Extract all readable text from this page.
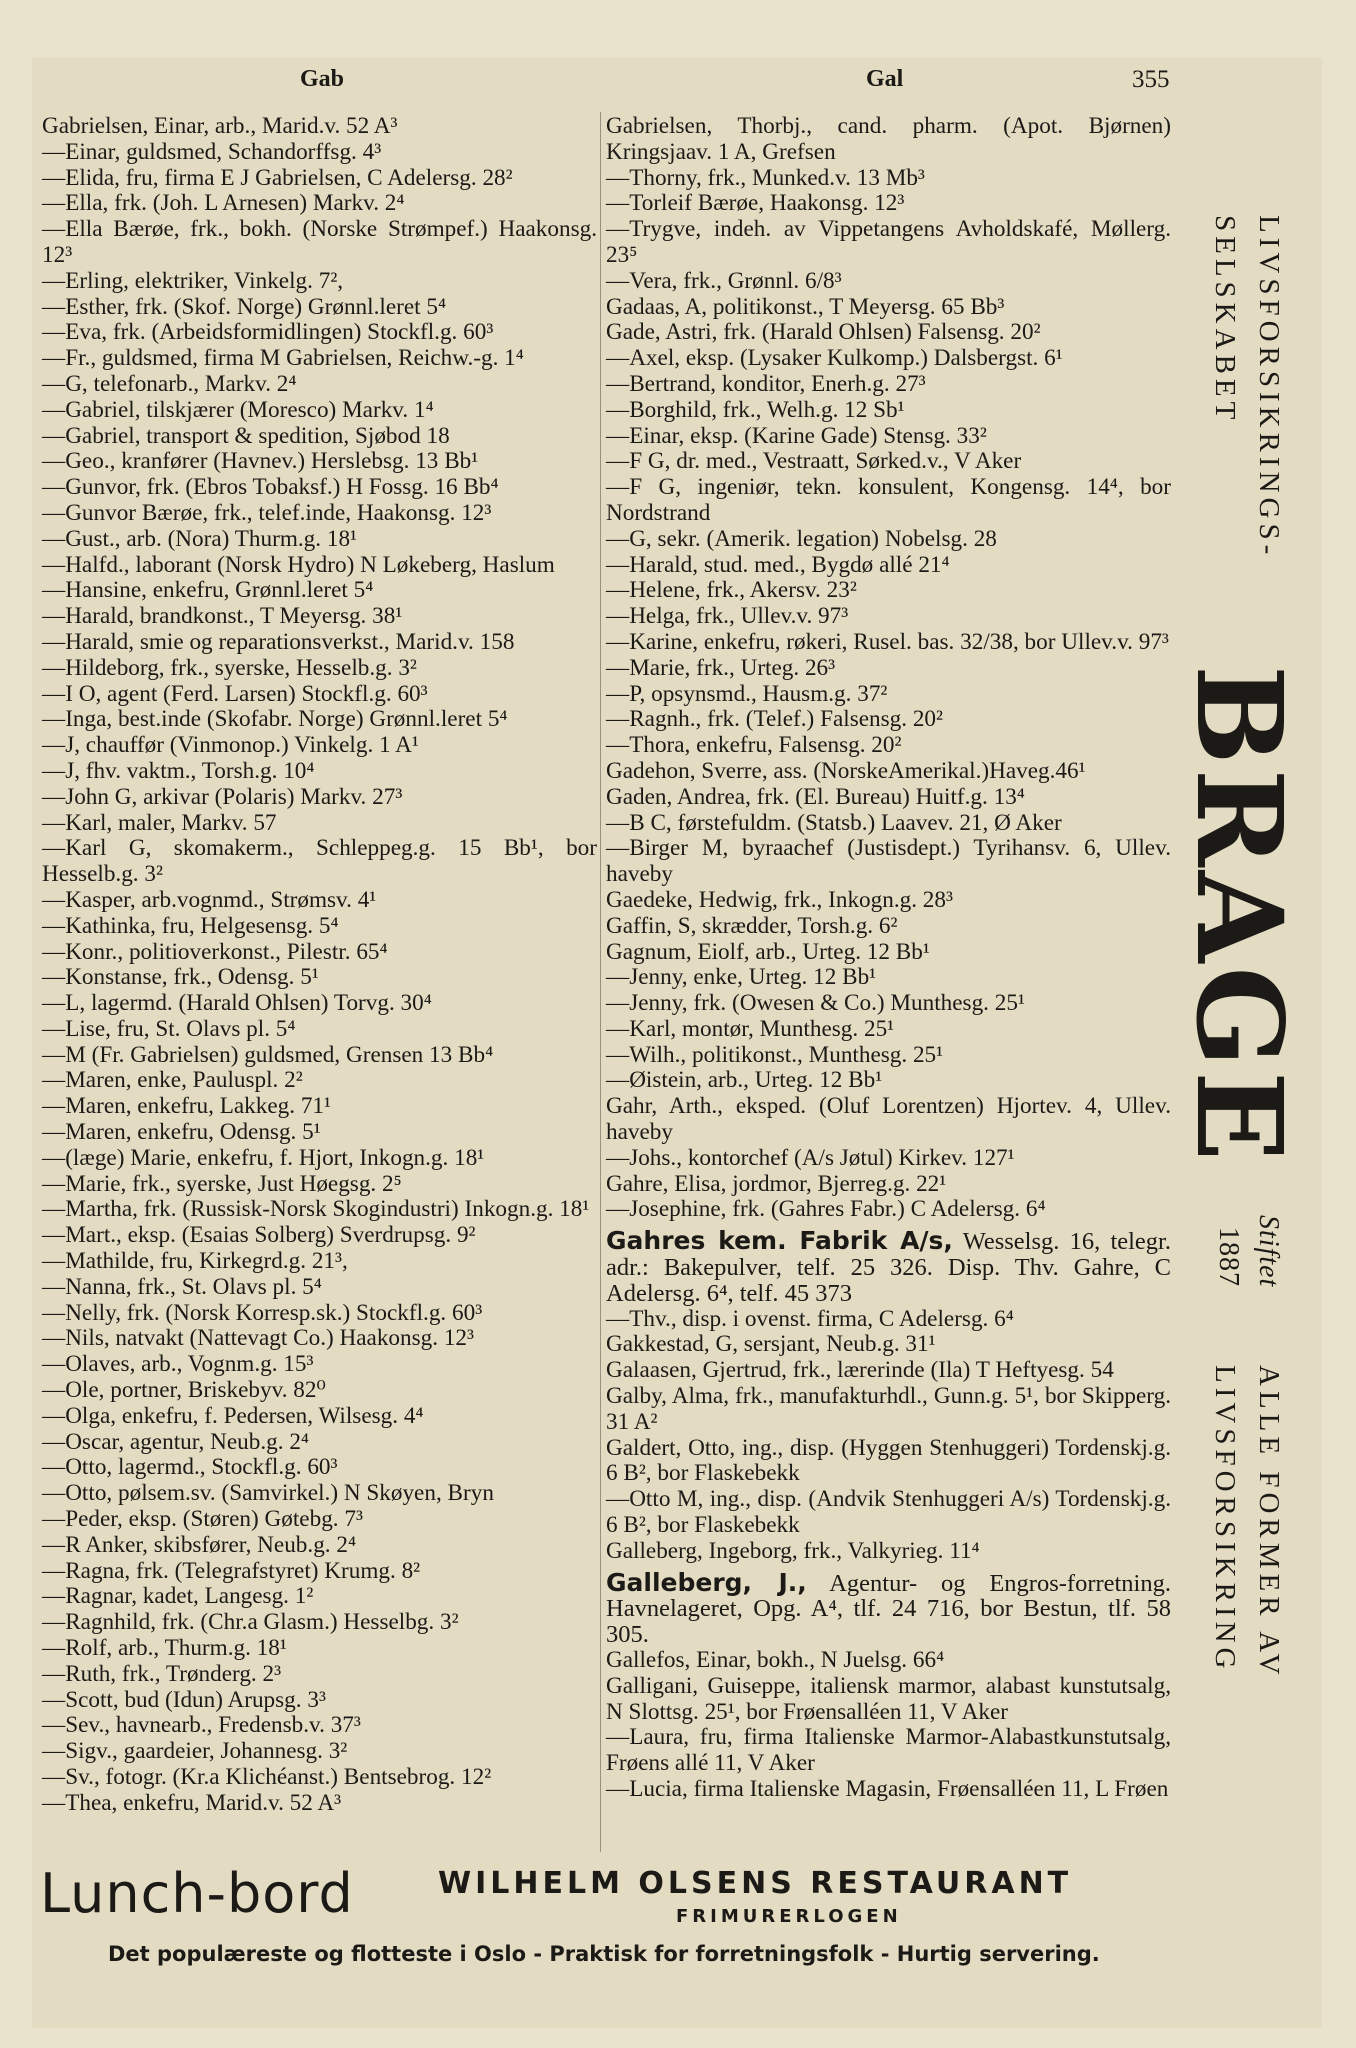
Gab	Gal	355

Gabrielsen, Einar, arb., Marid.v. 52 A³

—Einar, guldsmed, Schandorffsg. 4³

—Elida, fru, firma E J Gabrielsen, C Adelersg. 28²

—Ella, frk. (Joh. L Arnesen) Markv. 2⁴

—Ella Bærøe, frk., bokh. (Norske Strømpef.) Haakonsg. 12³

—Erling, elektriker, Vinkelg. 7²,

—Esther, frk. (Skof. Norge) Grønnl.leret 5⁴

—Eva, frk. (Arbeidsformidlingen) Stockfl.g. 60³

—Fr., guldsmed, firma M Gabrielsen, Reichw.-g. 1⁴

—G, telefonarb., Markv. 2⁴

—Gabriel, tilskjærer (Moresco) Markv. 1⁴

—Gabriel, transport & spedition, Sjøbod 18

—Geo., kranfører (Havnev.) Herslebsg. 13 Bb¹

—Gunvor, frk. (Ebros Tobaksf.) H Fossg. 16 Bb⁴

—Gunvor Bærøe, frk., telef.inde, Haakonsg. 12³

—Gust., arb. (Nora) Thurm.g. 18¹

—Halfd., laborant (Norsk Hydro) N Løkeberg, Haslum

—Hansine, enkefru, Grønnl.leret 5⁴

—Harald, brandkonst., T Meyersg. 38¹

—Harald, smie og reparationsverkst., Marid.v. 158

—Hildeborg, frk., syerske, Hesselb.g. 3²

—I O, agent (Ferd. Larsen) Stockfl.g. 60³

—Inga, best.inde (Skofabr. Norge) Grønnl.leret 5⁴

—J, chauffør (Vinmonop.) Vinkelg. 1 A¹

—J, fhv. vaktm., Torsh.g. 10⁴

—John G, arkivar (Polaris) Markv. 27³

—Karl, maler, Markv. 57

—Karl G, skomakerm., Schleppeg.g. 15 Bb¹, bor Hesselb.g. 3²

—Kasper, arb.vognmd., Strømsv. 4¹

—Kathinka, fru, Helgesensg. 5⁴

—Konr., politioverkonst., Pilestr. 65⁴

—Konstanse, frk., Odensg. 5¹

—L, lagermd. (Harald Ohlsen) Torvg. 30⁴

—Lise, fru, St. Olavs pl. 5⁴

—M (Fr. Gabrielsen) guldsmed, Grensen 13 Bb⁴

—Maren, enke, Pauluspl. 2²

—Maren, enkefru, Lakkeg. 71¹

—Maren, enkefru, Odensg. 5¹

—(læge) Marie, enkefru, f. Hjort, Inkogn.g. 18¹

—Marie, frk., syerske, Just Høegsg. 2⁵

—Martha, frk. (Russisk-Norsk Skogindustri) Inkogn.g. 18¹

—Mart., eksp. (Esaias Solberg) Sverdrupsg. 9²

—Mathilde, fru, Kirkegrd.g. 21³,

—Nanna, frk., St. Olavs pl. 5⁴

—Nelly, frk. (Norsk Korresp.sk.) Stockfl.g. 60³

—Nils, natvakt (Nattevagt Co.) Haakonsg. 12³

—Olaves, arb., Vognm.g. 15³

—Ole, portner, Briskebyv. 82⁰

—Olga, enkefru, f. Pedersen, Wilsesg. 4⁴

—Oscar, agentur, Neub.g. 2⁴

—Otto, lagermd., Stockfl.g. 60³

—Otto, pølsem.sv. (Samvirkel.) N Skøyen, Bryn

—Peder, eksp. (Støren) Gøtebg. 7³

—R Anker, skibsfører, Neub.g. 2⁴

—Ragna, frk. (Telegrafstyret) Krumg. 8²

—Ragnar, kadet, Langesg. 1²

—Ragnhild, frk. (Chr.a Glasm.) Hesselbg. 3²

—Rolf, arb., Thurm.g. 18¹

—Ruth, frk., Trønderg. 2³

—Scott, bud (Idun) Arupsg. 3³

—Sev., havnearb., Fredensb.v. 37³

—Sigv., gaardeier, Johannesg. 3²

—Sv., fotogr. (Kr.a Klichéanst.) Bentsebrog. 12²

—Thea, enkefru, Marid.v. 52 A³

Gabrielsen, Thorbj., cand. pharm. (Apot. Bjørnen) Kringsjaav. 1 A, Grefsen

—Thorny, frk., Munked.v. 13 Mb³

—Torleif Bærøe, Haakonsg. 12³

—Trygve, indeh. av Vippetangens Avholdskafé, Møllerg. 23⁵

—Vera, frk., Grønnl. 6/8³

Gadaas, A, politikonst., T Meyersg. 65 Bb³

Gade, Astri, frk. (Harald Ohlsen) Falsensg. 20²

—Axel, eksp. (Lysaker Kulkomp.) Dalsbergst. 6¹

—Bertrand, konditor, Enerh.g. 27³

—Borghild, frk., Welh.g. 12 Sb¹

—Einar, eksp. (Karine Gade) Stensg. 33²

—F G, dr. med., Vestraatt, Sørked.v., V Aker

—F G, ingeniør, tekn. konsulent, Kongensg. 14⁴, bor Nordstrand

—G, sekr. (Amerik. legation) Nobelsg. 28

—Harald, stud. med., Bygdø allé 21⁴

—Helene, frk., Akersv. 23²

—Helga, frk., Ullev.v. 97³

—Karine, enkefru, røkeri, Rusel. bas. 32/38, bor Ullev.v. 97³

—Marie, frk., Urteg. 26³

—P, opsynsmd., Hausm.g. 37²

—Ragnh., frk. (Telef.) Falsensg. 20²

—Thora, enkefru, Falsensg. 20²

Gadehon, Sverre, ass. (NorskeAmerikal.)Haveg.46¹

Gaden, Andrea, frk. (El. Bureau) Huitf.g. 13⁴

—B C, førstefuldm. (Statsb.) Laavev. 21, Ø Aker

—Birger M, byraachef (Justisdept.) Tyrihansv. 6, Ullev. haveby

Gaedeke, Hedwig, frk., Inkogn.g. 28³

Gaffin, S, skrædder, Torsh.g. 6²

Gagnum, Eiolf, arb., Urteg. 12 Bb¹

—Jenny, enke, Urteg. 12 Bb¹

—Jenny, frk. (Owesen & Co.) Munthesg. 25¹

—Karl, montør, Munthesg. 25¹

—Wilh., politikonst., Munthesg. 25¹

—Øistein, arb., Urteg. 12 Bb¹

Gahr, Arth., eksped. (Oluf Lorentzen) Hjortev. 4, Ullev. haveby

—Johs., kontorchef (A/s Jøtul) Kirkev. 127¹

Gahre, Elisa, jordmor, Bjerreg.g. 22¹

—Josephine, frk. (Gahres Fabr.) C Adelersg. 6⁴

Gahres kem. Fabrik A/s, Wesselsg. 16, telegr. adr.: Bakepulver, telf. 25 326. Disp. Thv. Gahre, C Adelersg. 6⁴, telf. 45 373

—Thv., disp. i ovenst. firma, C Adelersg. 6⁴

Gakkestad, G, sersjant, Neub.g. 31¹

Galaasen, Gjertrud, frk., lærerinde (Ila) T Heftyesg. 54

Galby, Alma, frk., manufakturhdl., Gunn.g. 5¹, bor Skipperg. 31 A²

Galdert, Otto, ing., disp. (Hyggen Stenhuggeri) Tordenskj.g. 6 B², bor Flaskebekk

—Otto M, ing., disp. (Andvik Stenhuggeri A/s) Tordenskj.g. 6 B², bor Flaskebekk

Galleberg, Ingeborg, frk., Valkyrieg. 11⁴

Galleberg, J., Agentur- og Engros-forretning. Havnelageret, Opg. A⁴, tlf. 24 716, bor Bestun, tlf. 58 305.

Gallefos, Einar, bokh., N Juelsg. 66⁴

Galligani, Guiseppe, italiensk marmor, alabast kunstutsalg, N Slottsg. 25¹, bor Frøensalléen 11, V Aker

—Laura, fru, firma Italienske Marmor-Alabastkunstutsalg, Frøens allé 11, V Aker

—Lucia, firma Italienske Magasin, Frøensalléen 11, L Frøen

LIVSFORSIKRINGS-
SELSKABET
BRAGE
Stiftet
1887
ALLE FORMER AV
LIVSFORSIKRING
Lunch-bord	WILHELM OLSENS RESTAURANT
FRIMURERLOGEN
Det populæreste og flotteste i Oslo - Praktisk for forretningsfolk - Hurtig servering.
